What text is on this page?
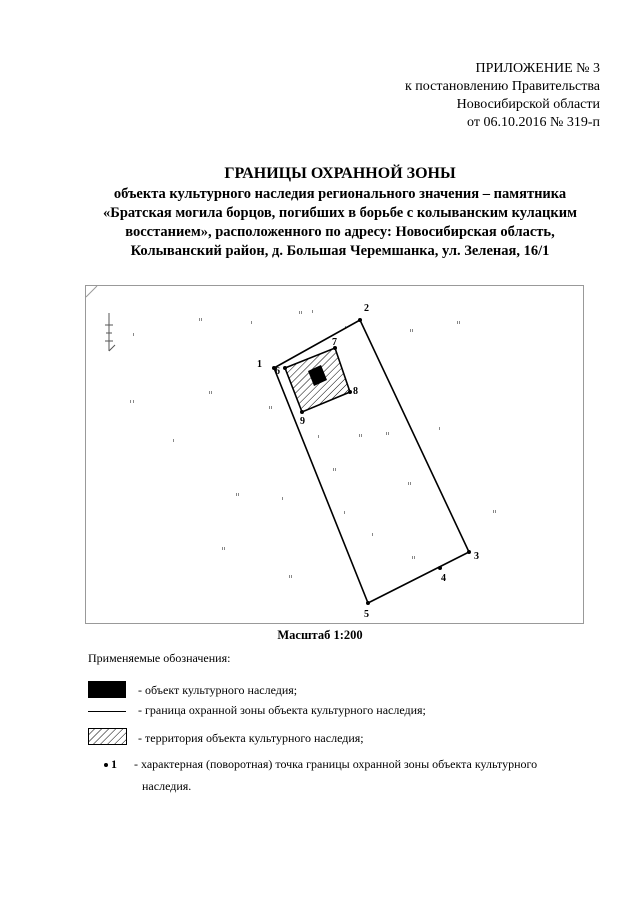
ПРИЛОЖЕНИЕ № 3
к постановлению Правительства
Новосибирской области
от 06.10.2016 № 319-п
ГРАНИЦЫ ОХРАННОЙ ЗОНЫ
объекта культурного наследия регионального значения – памятника
«Братская могила борцов, погибших в борьбе с колыванским кулацким
восстанием», расположенного по адресу: Новосибирская область,
Колыванский район, д. Большая Черемшанка, ул. Зеленая, 16/1
1
2
3
4
5
6
7
8
9
Масштаб 1:200
Применяемые обозначения:
- объект культурного наследия;
- граница охранной зоны объекта культурного наследия;
- территория объекта культурного наследия;
1 - характерная (поворотная) точка границы охранной зоны объекта культурного
наследия.
